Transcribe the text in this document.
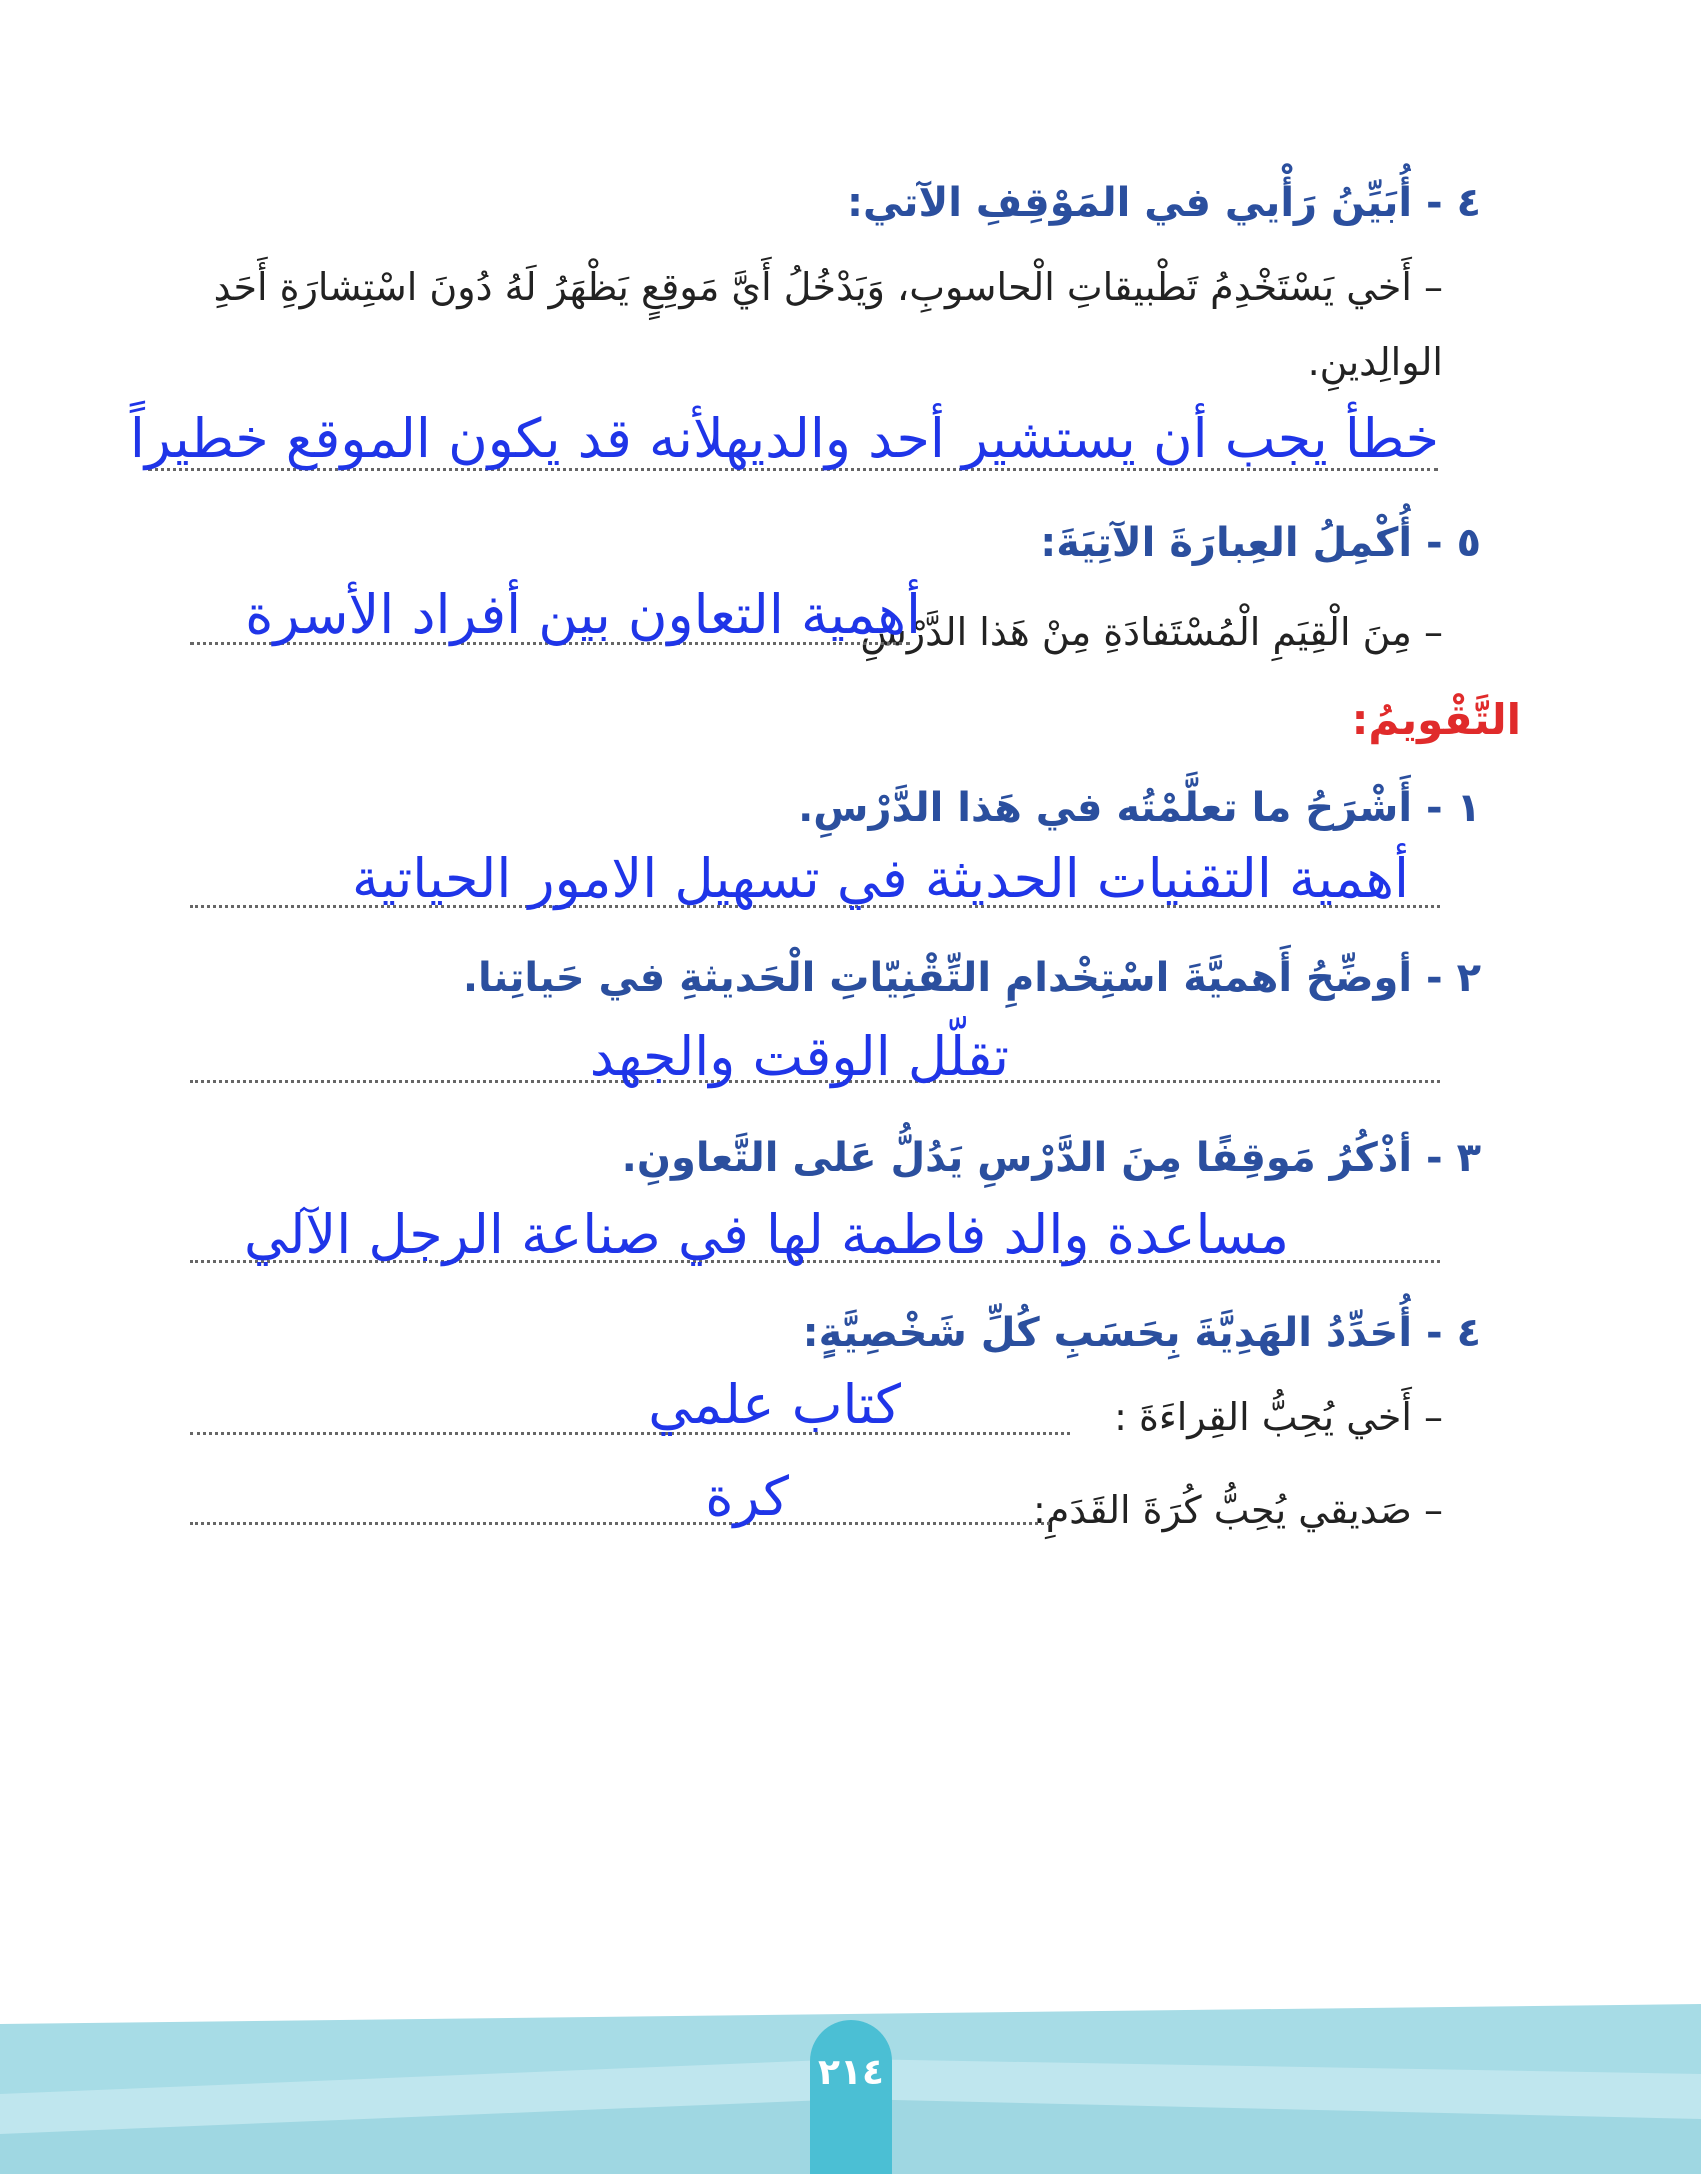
٤ -أُبَيِّنُ رَأْيي في المَوْقِفِ الآتي:
– أَخي يَسْتَخْدِمُ تَطْبيقاتِ الْحاسوبِ، وَيَدْخُلُ أَيَّ مَوقِعٍ يَظْهَرُ لَهُ دُونَ اسْتِشارَةِ أَحَدِ
الوالِدينِ.
خطأ يجب أن يستشير أحد والديهلأنه قد يكون الموقع خطيراً
٥ -أُكْمِلُ العِبارَةَ الآتِيَةَ:
– مِنَ الْقِيَمِ الْمُسْتَفادَةِ مِنْ هَذا الدَّرْسِ
أهمية التعاون بين أفراد الأسرة
التَّقْويمُ:
١ -أَشْرَحُ ما تعلَّمْتُه في هَذا الدَّرْسِ.
أهمية التقنيات الحديثة في تسهيل الامور الحياتية
٢ -أوضِّحُ أَهميَّةَ اسْتِخْدامِ التِّقْنِيّاتِ الْحَديثةِ في حَياتِنا.
تقلّل الوقت والجهد
٣ -أذْكُرُ مَوقِفًا مِنَ الدَّرْسِ يَدُلُّ عَلى التَّعاونِ.
مساعدة والد فاطمة لها في صناعة الرجل الآلي
٤ -أُحَدِّدُ الهَدِيَّةَ بِحَسَبِ كُلِّ شَخْصِيَّةٍ:
– أَخي يُحِبُّ القِراءَةَ :
كتاب علمي
– صَديقي يُحِبُّ كُرَةَ القَدَمِ:
كرة
٢١٤
